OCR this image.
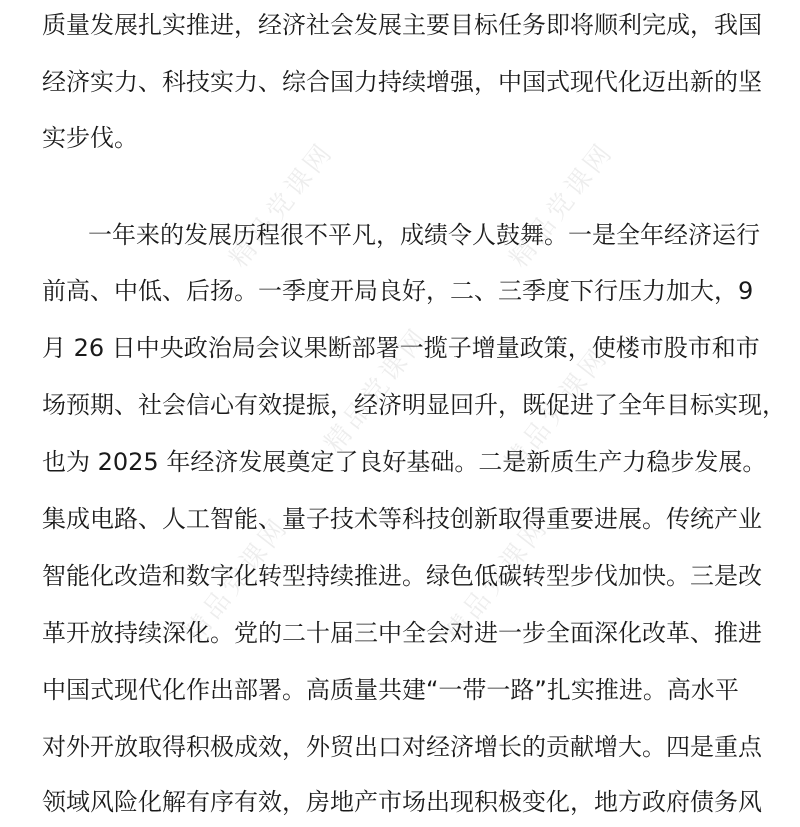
质量发展扎实推进，经济社会发展主要目标任务即将顺利完成，我国
经济实力、科技实力、综合国力持续增强，中国式现代化迈出新的坚
实步伐。
一年来的发展历程很不平凡，成绩令人鼓舞。一是全年经济运行
前高、中低、后扬。一季度开局良好，二、三季度下行压力加大，9
月 26 日中央政治局会议果断部署一揽子增量政策，使楼市股市和市
场预期、社会信心有效提振，经济明显回升，既促进了全年目标实现，
也为 2025 年经济发展奠定了良好基础。二是新质生产力稳步发展。
集成电路、人工智能、量子技术等科技创新取得重要进展。传统产业
智能化改造和数字化转型持续推进。绿色低碳转型步伐加快。三是改
革开放持续深化。党的二十届三中全会对进一步全面深化改革、推进
中国式现代化作出部署。高质量共建“一带一路”扎实推进。高水平
对外开放取得积极成效，外贸出口对经济增长的贡献增大。四是重点
领域风险化解有序有效，房地产市场出现积极变化，地方政府债务风
精品党课网	精品党课网
精品党课网 精品党课网
精品党课网	精品党课网
